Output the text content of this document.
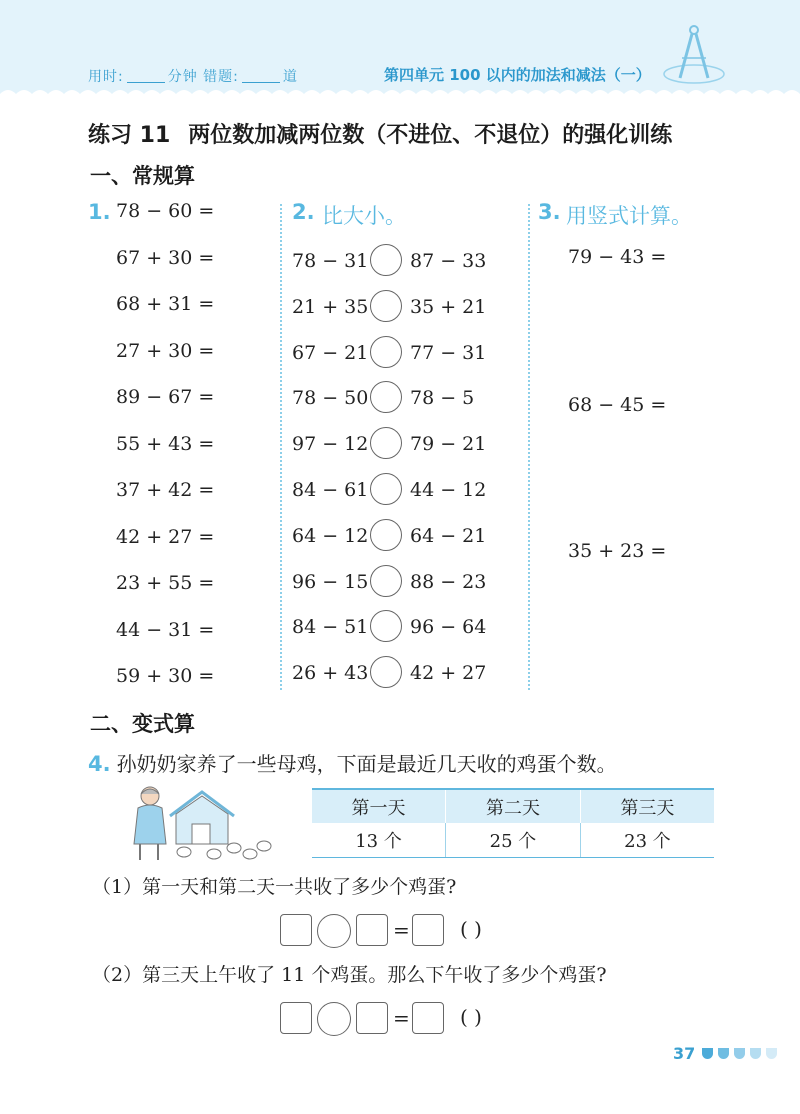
用时:	分钟 错题:	道	第四单元 100 以内的加法和减法（一）
练习 11 两位数加减两位数（不进位、不退位）的强化训练
一、常规算
1. 78 − 60 =
67 + 30 =
68 + 31 =
27 + 30 =
89 − 67 =
55 + 43 =
37 + 42 =
42 + 27 =
23 + 55 =
44 − 31 =
59 + 30 =
2. 比大小。
78 − 31 87 − 33
21 + 35 35 + 21
67 − 21 77 − 31
78 − 50 78 − 5
97 − 12 79 − 21
84 − 61 44 − 12
64 − 12 64 − 21
96 − 15 88 − 23
84 − 51 96 − 64
26 + 43 42 + 27
3. 用竖式计算。
79 − 43 =
68 − 45 =
35 + 23 =
二、变式算
4. 孙奶奶家养了一些母鸡，下面是最近几天收的鸡蛋个数。
第一天	第二天	第三天
13 个	25 个	23 个
（1）第一天和第二天一共收了多少个鸡蛋?
=	( )
（2）第三天上午收了 11 个鸡蛋。那么下午收了多少个鸡蛋?
=	( )
37
